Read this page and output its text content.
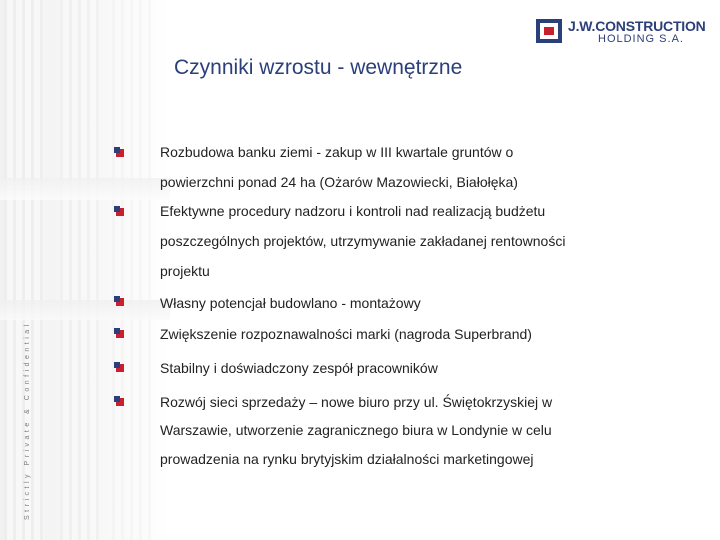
J.W.CONSTRUCTION
HOLDING S.A.
Czynniki wzrostu - wewnętrzne
Rozbudowa banku ziemi - zakup w III kwartale gruntów o
powierzchni ponad 24 ha (Ożarów Mazowiecki, Białołęka)
Efektywne procedury nadzoru i kontroli nad realizacją budżetu
poszczególnych projektów, utrzymywanie zakładanej rentowności
projektu
Własny potencjał budowlano - montażowy
Zwiększenie rozpoznawalności marki (nagroda Superbrand)
Stabilny i doświadczony zespół pracowników
Rozwój sieci sprzedaży – nowe biuro przy ul. Świętokrzyskiej w
Warszawie, utworzenie zagranicznego biura w Londynie w celu
prowadzenia na rynku brytyjskim działalności marketingowej
Strictly Private & Confidential
